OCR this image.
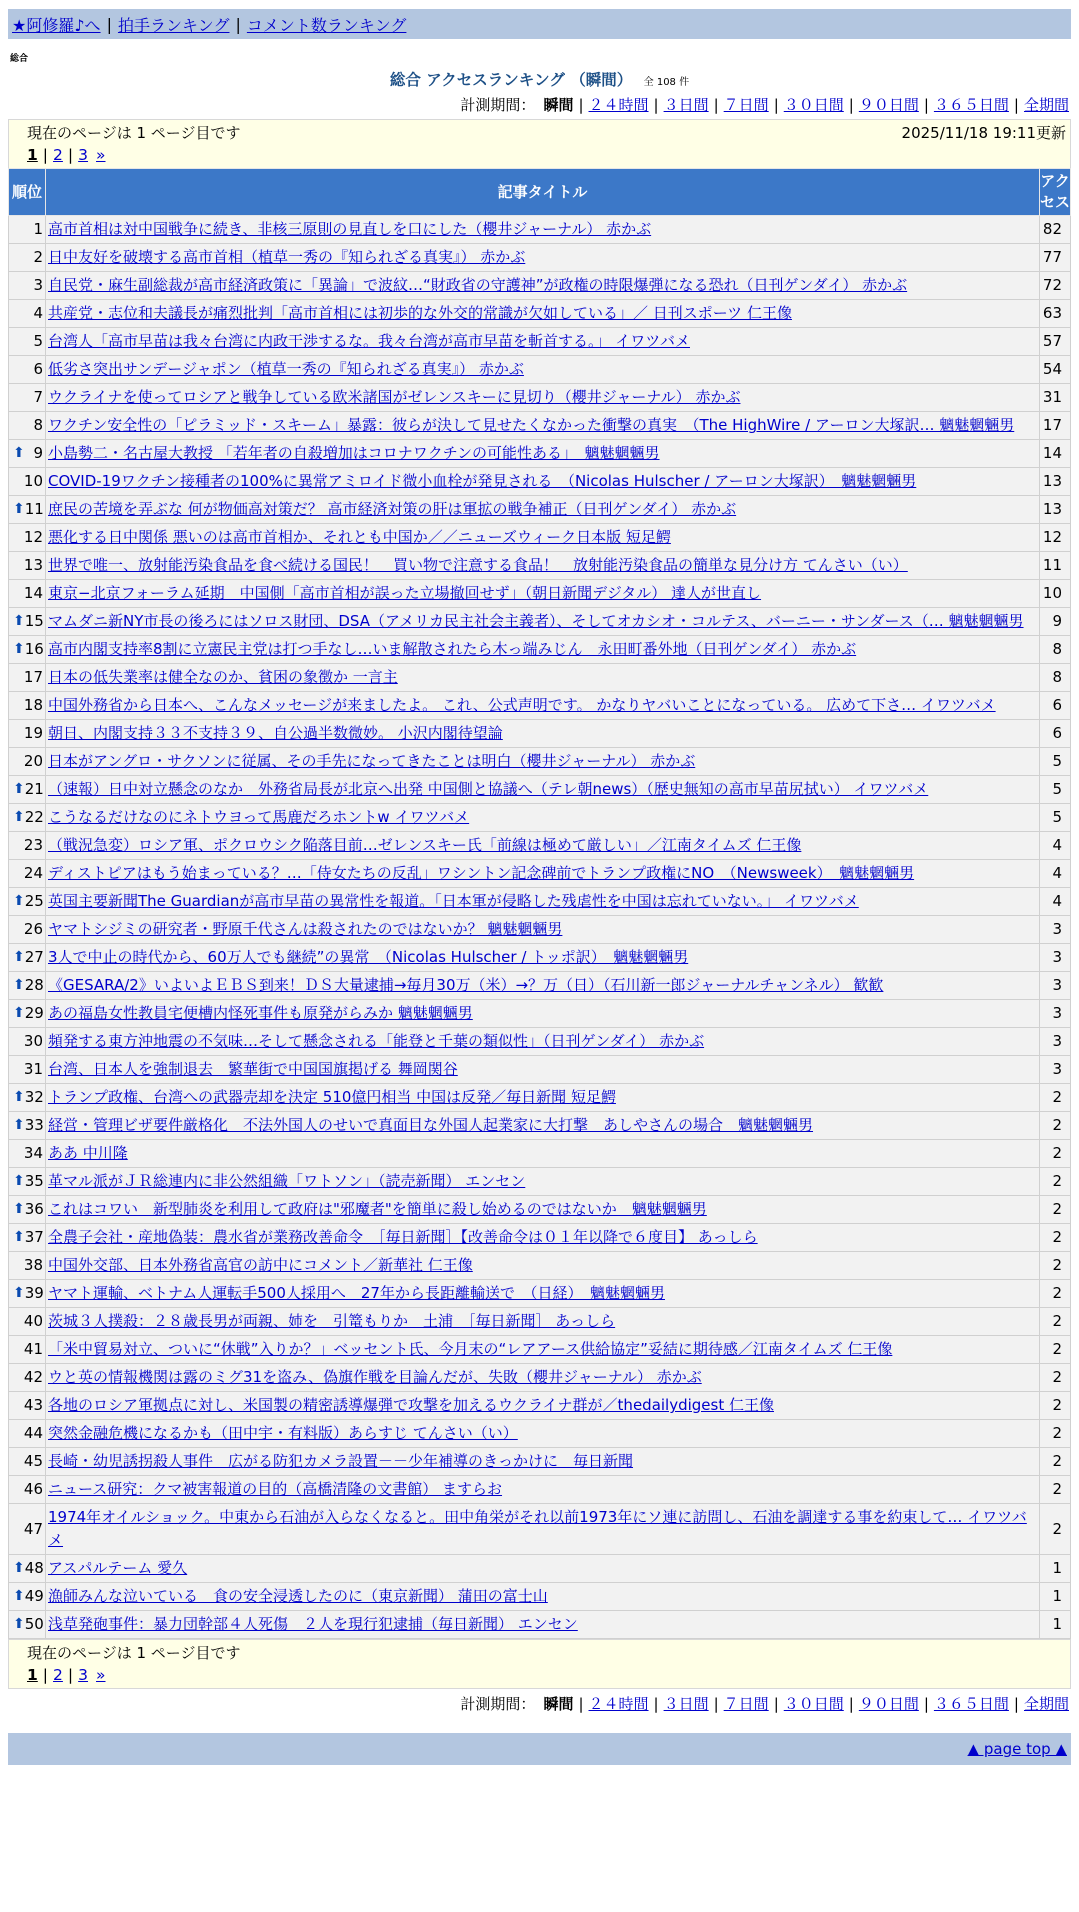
★阿修羅♪へ | 拍手ランキング | コメント数ランキング
総合
総合 アクセスランキング （瞬間） 全 108 件
計測期間： 瞬間 | ２４時間 | ３日間 | ７日間 | ３０日間 | ９０日間 | ３６５日間 | 全期間
現在のページは 1 ページ目です	2025/11/18 19:11更新
1 | 2 | 3 »
順位	記事タイトル	アクセス
1	高市首相は対中国戦争に続き、非核三原則の見直しを口にした（櫻井ジャーナル） 赤かぶ	82
2	日中友好を破壊する高市首相（植草一秀の『知られざる真実』） 赤かぶ	77
3	自民党・麻生副総裁が高市経済政策に「異論」で波紋…“財政省の守護神”が政権の時限爆弾になる恐れ（日刊ゲンダイ） 赤かぶ	72
4	共産党・志位和夫議長が痛烈批判「高市首相には初歩的な外交的常識が欠如している」／ 日刊スポーツ 仁王像	63
5	台湾人「高市早苗は我々台湾に内政干渉するな。我々台湾が高市早苗を斬首する。」 イワツバメ	57
6	低劣さ突出サンデージャポン（植草一秀の『知られざる真実』） 赤かぶ	54
7	ウクライナを使ってロシアと戦争している欧米諸国がゼレンスキーに見切り（櫻井ジャーナル） 赤かぶ	31
8	ワクチン安全性の「ピラミッド・スキーム」暴露：彼らが決して見せたくなかった衝撃の真実　（The HighWire / アーロン大塚訳… 魑魅魍魎男	17

⬆ 9	小島勢二・名古屋大教授 「若年者の自殺増加はコロナワクチンの可能性ある」　魑魅魍魎男	14
10	COVID-19ワクチン接種者の100%に異常アミロイド微小血栓が発見される　（Nicolas Hulscher / アーロン大塚訳）　魑魅魍魎男	13

⬆ 11	庶民の苦境を弄ぶな 何が物価高対策だ？ 高市経済対策の肝は軍拡の戦争補正（日刊ゲンダイ） 赤かぶ	13
12	悪化する日中関係 悪いのは高市首相か、それとも中国か／／ニューズウィーク日本版 短足鰐	12
13	世界で唯一、放射能汚染食品を食べ続ける国民！　買い物で注意する食品！　放射能汚染食品の簡単な見分け方 てんさい（い）	11
14	東京−北京フォーラム延期　中国側「高市首相が誤った立場撤回せず」（朝日新聞デジタル） 達人が世直し	10

⬆ 15	マムダニ新NY市長の後ろにはソロス財団、DSA（アメリカ民主社会主義者）、そしてオカシオ・コルテス、バーニー・サンダース（… 魑魅魍魎男	9

⬆ 16	高市内閣支持率8割に立憲民主党は打つ手なし…いま解散されたら木っ端みじん　永田町番外地（日刊ゲンダイ） 赤かぶ	8
17	日本の低失業率は健全なのか、貧困の象徴か 一言主	8
18	中国外務省から日本へ、こんなメッセージが来ましたよ。 これ、公式声明です。 かなりヤバいことになっている。 広めて下さ… イワツバメ	6
19	朝日、内閣支持３３不支持３９、自公過半数微妙。 小沢内閣待望論	6
20	日本がアングロ・サクソンに従属、その手先になってきたことは明白（櫻井ジャーナル） 赤かぶ	5

⬆ 21	（速報）日中対立懸念のなか　外務省局長が北京へ出発 中国側と協議へ（テレ朝news）（歴史無知の高市早苗尻拭い） イワツバメ	5

⬆ 22	こうなるだけなのにネトウヨって馬鹿だろホントw イワツバメ	5
23	（戦況急変）ロシア軍、ポクロウシク陥落目前…ゼレンスキー氏「前線は極めて厳しい」／江南タイムズ 仁王像	4
24	ディストピアはもう始まっている？…「侍女たちの反乱」ワシントン記念碑前でトランプ政権にNO　（Newsweek）　魑魅魍魎男	4

⬆ 25	英国主要新聞The Guardianが高市早苗の異常性を報道。「日本軍が侵略した残虐性を中国は忘れていない。」 イワツバメ	4
26	ヤマトシジミの研究者・野原千代さんは殺されたのではないか？ 魑魅魍魎男	3

⬆ 27	3人で中止の時代から、60万人でも継続”の異常　（Nicolas Hulscher / トッポ訳）　魑魅魍魎男	3

⬆ 28	《GESARA/2》いよいよＥＢＳ到来！ＤＳ大量逮捕→毎月30万（米）→？万（日）（石川新一郎ジャーナルチャンネル） 歓歓	3

⬆ 29	あの福島女性教員宅便槽内怪死事件も原発がらみか 魑魅魍魎男	3
30	頻発する東方沖地震の不気味…そして懸念される「能登と千葉の類似性」（日刊ゲンダイ） 赤かぶ	3
31	台湾、日本人を強制退去　繁華街で中国国旗掲げる 舞岡関谷	3

⬆ 32	トランプ政権、台湾への武器売却を決定 510億円相当 中国は反発／毎日新聞 短足鰐	2

⬆ 33	経営・管理ビザ要件厳格化　不法外国人のせいで真面目な外国人起業家に大打撃　あしやさんの場合　魑魅魍魎男	2
34	ああ 中川隆	2

⬆ 35	革マル派がＪＲ総連内に非公然組織「ワトソン」（読売新聞） エンセン	2

⬆ 36	これはコワい　新型肺炎を利用して政府は"邪魔者"を簡単に殺し始めるのではないか　魑魅魍魎男	2

⬆ 37	全農子会社・産地偽装：農水省が業務改善命令　［毎日新聞］【改善命令は０１年以降で６度目】 あっしら	2
38	中国外交部、日本外務省高官の訪中にコメント／新華社 仁王像	2

⬆ 39	ヤマト運輸、ベトナム人運転手500人採用へ　27年から長距離輸送で　（日経）　魑魅魍魎男	2
40	茨城３人撲殺：２８歳長男が両親、姉を　引篭もりか　土浦　［毎日新聞］ あっしら	2
41	「米中貿易対立、ついに“休戦”入りか？」ベッセント氏、今月末の“レアアース供給協定”妥結に期待感／江南タイムズ 仁王像	2
42	ウと英の情報機関は露のミグ31を盗み、偽旗作戦を目論んだが、失敗（櫻井ジャーナル） 赤かぶ	2
43	各地のロシア軍拠点に対し、米国製の精密誘導爆弾で攻撃を加えるウクライナ群が／thedailydigest 仁王像	2
44	突然金融危機になるかも（田中宇・有料版）あらすじ てんさい（い）	2
45	長崎・幼児誘拐殺人事件　広がる防犯カメラ設置－－少年補導のきっかけに　毎日新聞	2
46	ニュース研究：クマ被害報道の目的（高橋清隆の文書館） ますらお	2
47	1974年オイルショック。中東から石油が入らなくなると。田中角栄がそれ以前1973年にソ連に訪問し、石油を調達する事を約束して… イワツバメ	2

⬆ 48	アスパルテーム 愛久	1

⬆ 49	漁師みんな泣いている　食の安全浸透したのに（東京新聞） 蒲田の富士山	1

⬆ 50	浅草発砲事件：暴力団幹部４人死傷　２人を現行犯逮捕（毎日新聞） エンセン	1
現在のページは 1 ページ目です
1 | 2 | 3 »
計測期間： 瞬間 | ２４時間 | ３日間 | ７日間 | ３０日間 | ９０日間 | ３６５日間 | 全期間
▲ page top ▲
